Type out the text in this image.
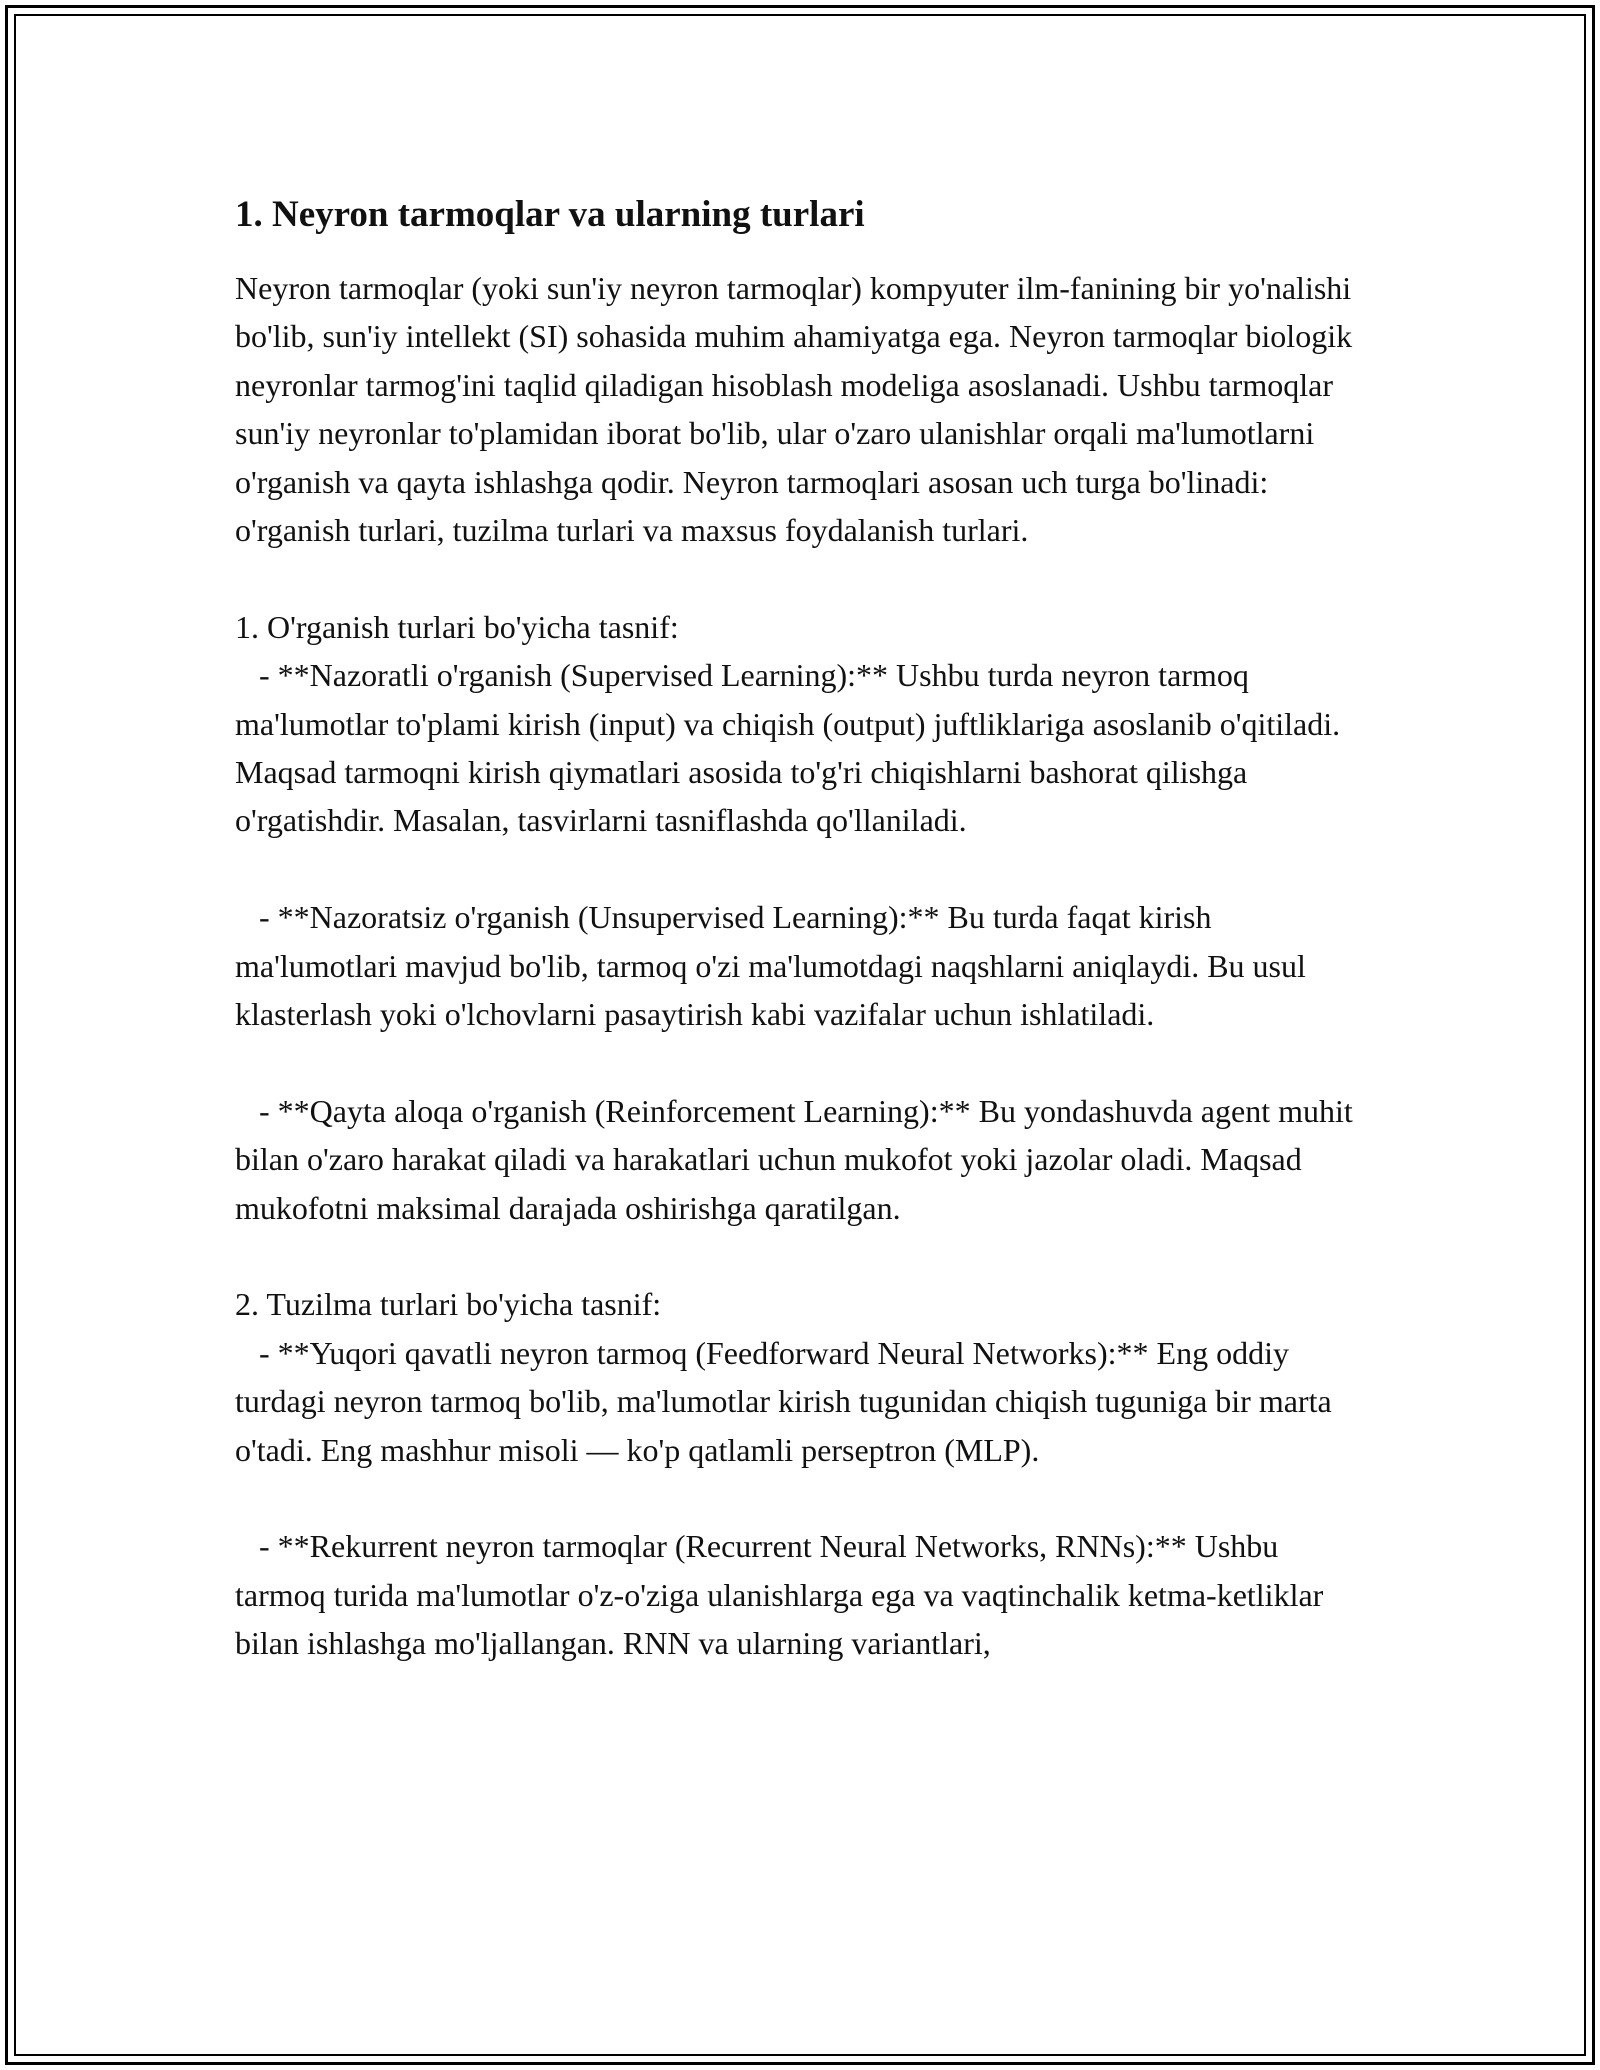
1. Neyron tarmoqlar va ularning turlari

Neyron tarmoqlar (yoki sun'iy neyron tarmoqlar) kompyuter ilm-fanining bir yo'nalishi bo'lib, sun'iy intellekt (SI) sohasida muhim ahamiyatga ega. Neyron tarmoqlar biologik neyronlar tarmog'ini taqlid qiladigan hisoblash modeliga asoslanadi. Ushbu tarmoqlar sun'iy neyronlar to'plamidan iborat bo'lib, ular o'zaro ulanishlar orqali ma'lumotlarni o'rganish va qayta ishlashga qodir. Neyron tarmoqlari asosan uch turga bo'linadi: o'rganish turlari, tuzilma turlari va maxsus foydalanish turlari.

1. O'rganish turlari bo'yicha tasnif:

- **Nazoratli o'rganish (Supervised Learning):** Ushbu turda neyron tarmoq ma'lumotlar to'plami kirish (input) va chiqish (output) juftliklariga asoslanib o'qitiladi. Maqsad tarmoqni kirish qiymatlari asosida to'g'ri chiqishlarni bashorat qilishga o'rgatishdir. Masalan, tasvirlarni tasniflashda qo'llaniladi.

- **Nazoratsiz o'rganish (Unsupervised Learning):** Bu turda faqat kirish ma'lumotlari mavjud bo'lib, tarmoq o'zi ma'lumotdagi naqshlarni aniqlaydi. Bu usul klasterlash yoki o'lchovlarni pasaytirish kabi vazifalar uchun ishlatiladi.

- **Qayta aloqa o'rganish (Reinforcement Learning):** Bu yondashuvda agent muhit bilan o'zaro harakat qiladi va harakatlari uchun mukofot yoki jazolar oladi. Maqsad mukofotni maksimal darajada oshirishga qaratilgan.

2. Tuzilma turlari bo'yicha tasnif:

- **Yuqori qavatli neyron tarmoq (Feedforward Neural Networks):** Eng oddiy turdagi neyron tarmoq bo'lib, ma'lumotlar kirish tugunidan chiqish tuguniga bir marta o'tadi. Eng mashhur misoli — ko'p qatlamli perseptron (MLP).

- **Rekurrent neyron tarmoqlar (Recurrent Neural Networks, RNNs):** Ushbu tarmoq turida ma'lumotlar o'z-o'ziga ulanishlarga ega va vaqtinchalik ketma-ketliklar bilan ishlashga mo'ljallangan. RNN va ularning variantlari,
